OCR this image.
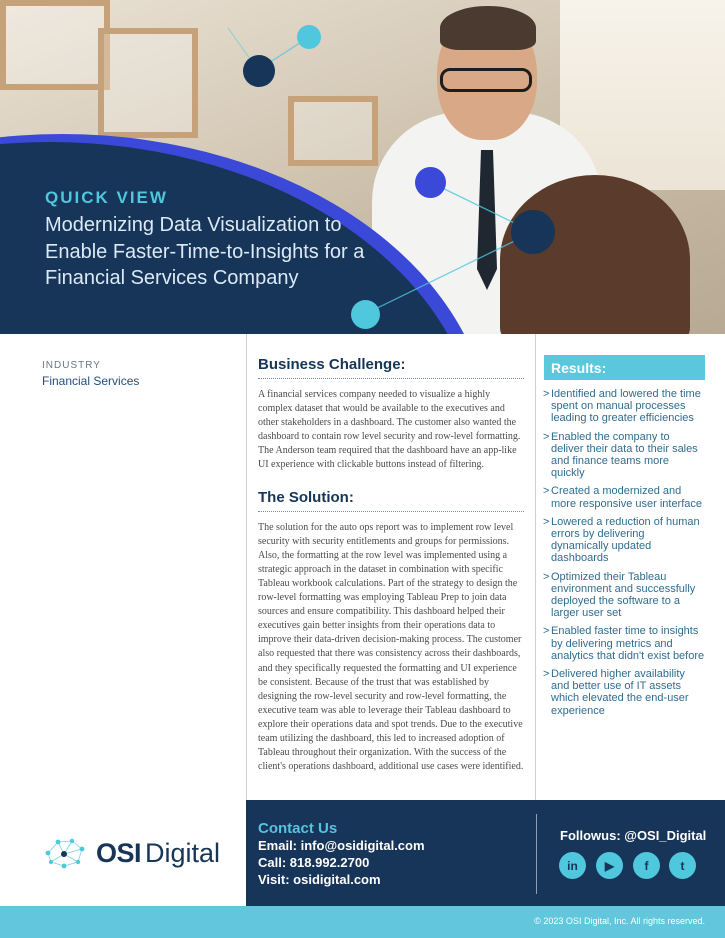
QUICK VIEW
Modernizing Data Visualization to Enable Faster-Time-to-Insights for a Financial Services Company
INDUSTRY
Financial Services
Business Challenge:

A financial services company needed to visualize a highly complex dataset that would be available to the executives and other stakeholders in a dashboard. The customer also wanted the dashboard to contain row level security and row-level formatting. The Anderson team required that the dashboard have an app-like UI experience with clickable buttons instead of filtering.

The Solution:

The solution for the auto ops report was to implement row level security with security entitlements and groups for permissions. Also, the formatting at the row level was implemented using a strategic approach in the dataset in combination with specific Tableau workbook calculations. Part of the strategy to design the row-level formatting was employing Tableau Prep to join data sources and ensure compatibility. This dashboard helped their executives gain better insights from their operations data to improve their data-driven decision-making process. The customer also requested that there was consistency across their dashboards, and they specifically requested the formatting and UI experience be consistent. Because of the trust that was established by designing the row-level security and row-level formatting, the executive team was able to leverage their Tableau dashboard to explore their operations data and spot trends. Due to the executive team utilizing the dashboard, this led to increased adoption of Tableau throughout their organization. With the success of the client's operations dashboard, additional use cases were identified.

Results:
> Identified and lowered the time spent on manual processes leading to greater efficiencies
> Enabled the company to deliver their data to their sales and finance teams more quickly
> Created a modernized and more responsive user interface
> Lowered a reduction of human errors by delivering dynamically updated dashboards
> Optimized their Tableau environment and successfully deployed the software to a larger user set
> Enabled faster time to insights by delivering metrics and analytics that didn't exist before
> Delivered higher availability and better use of IT assets which elevated the end-user experience
OSI Digital
Contact Us
Email: info@osidigital.com
Call: 818.992.2700
Visit: osidigital.com
Followus: @OSI_Digital
in	▶	f	t
© 2023 OSI Digital, Inc. All rights reserved.
